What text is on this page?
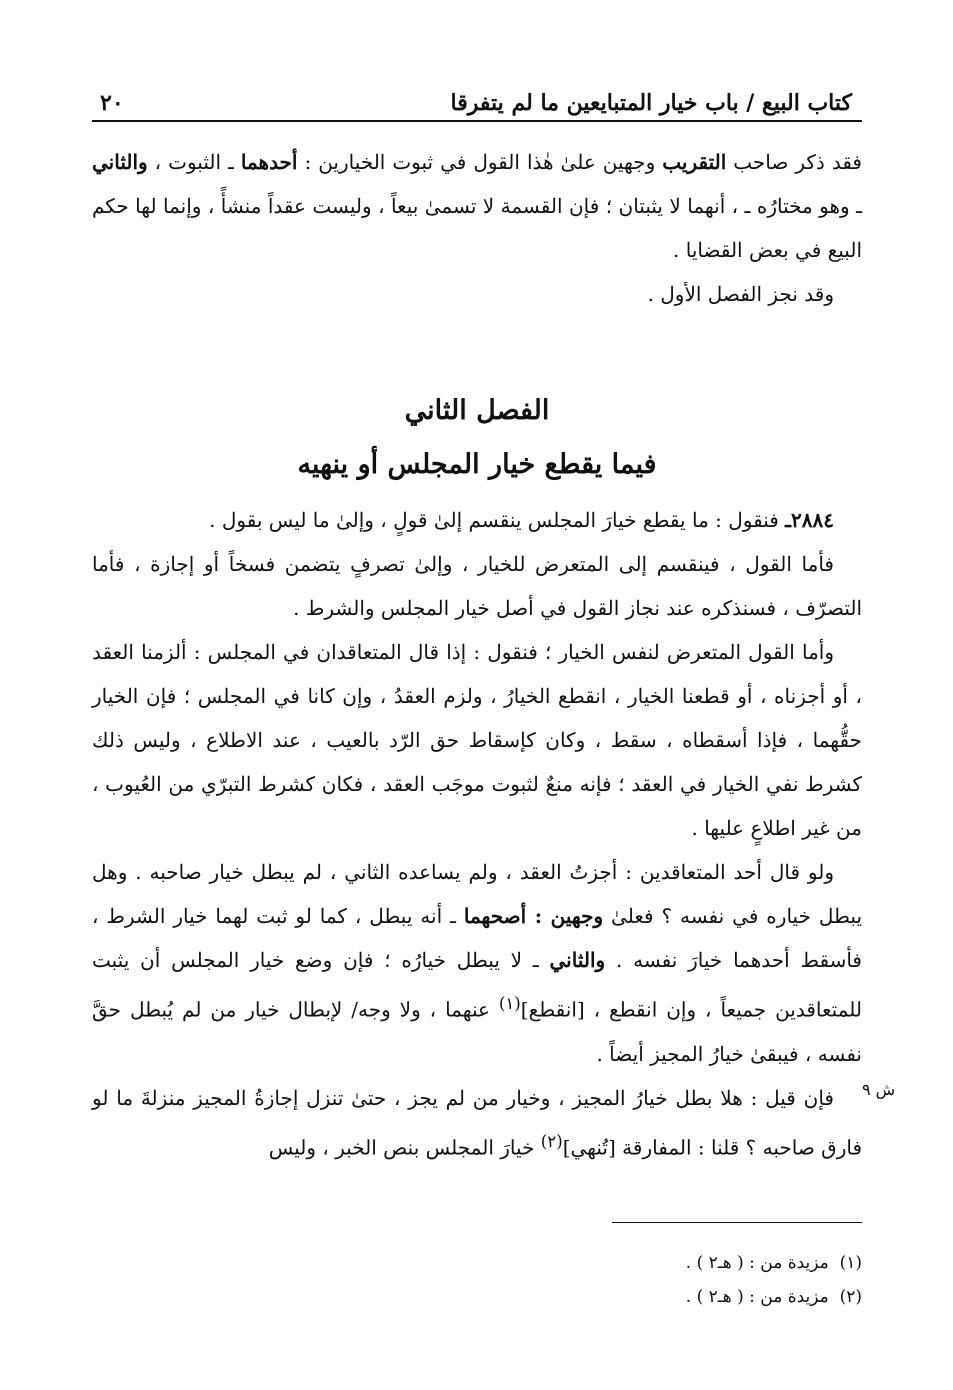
كتاب البيع / باب خيار المتبايعين ما لم يتفرقا
٢٠

فقد ذكر صاحب التقريب وجهين علىٰ هٰذا القول في ثبوت الخيارين : أحدهما ـ الثبوت ، والثاني ـ وهو مختارُه ـ ، أنهما لا يثبتان ؛ فإن القسمة لا تسمىٰ بيعاً ، وليست عقداً منشأً ، وإنما لها حكم البيع في بعض القضايا .

وقد نجز الفصل الأول .

الفصل الثاني
فيما يقطع خيار المجلس أو ينهيه

٢٨٨٤ـ فنقول : ما يقطع خيارَ المجلس ينقسم إلىٰ قولٍ ، وإلىٰ ما ليس بقول .

فأما القول ، فينقسم إلى المتعرض للخيار ، وإلىٰ تصرفٍ يتضمن فسخاً أو إجازة ، فأما التصرّف ، فسنذكره عند نجاز القول في أصل خيار المجلس والشرط .

وأما القول المتعرض لنفس الخيار ؛ فنقول : إذا قال المتعاقدان في المجلس : ألزمنا العقد ، أو أجزناه ، أو قطعنا الخيار ، انقطع الخيارُ ، ولزم العقدُ ، وإن كانا في المجلس ؛ فإن الخيار حقُّهما ، فإذا أسقطاه ، سقط ، وكان كإسقاط حق الرّد بالعيب ، عند الاطلاع ، وليس ذلك كشرط نفي الخيار في العقد ؛ فإنه منعٌ لثبوت موجَب العقد ، فكان كشرط التبرّي من العُيوب ، من غير اطلاعٍ عليها .

ولو قال أحد المتعاقدين : أجزتُ العقد ، ولم يساعده الثاني ، لم يبطل خيار صاحبه . وهل يبطل خياره في نفسه ؟ فعلىٰ وجهين : أصحهما ـ أنه يبطل ، كما لو ثبت لهما خيار الشرط ، فأسقط أحدهما خيارَ نفسه . والثاني ـ لا يبطل خيارُه ؛ فإن وضع خيار المجلس أن يثبت للمتعاقدين جميعاً ، وإن انقطع ، [انقطع]$^{(١)}$ عنهما ، ولا وجه/ لإبطال خيار من لم يُبطل حقَّ نفسه ، فيبقىٰ خيارُ المجيز أيضاً .

فإن قيل : هلا بطل خيارُ المجيز ، وخيار من لم يجز ، حتىٰ تنزل إجازةُ المجيز منزلةَ ما لو فارق صاحبه ؟ قلنا : المفارقة [تُنهي]$^{(٢)}$ خيارَ المجلس بنص الخبر ، وليس

ش ٩
(١)  مزيدة من : ( هـ٢ ) .
(٢)  مزيدة من : ( هـ٢ ) .
